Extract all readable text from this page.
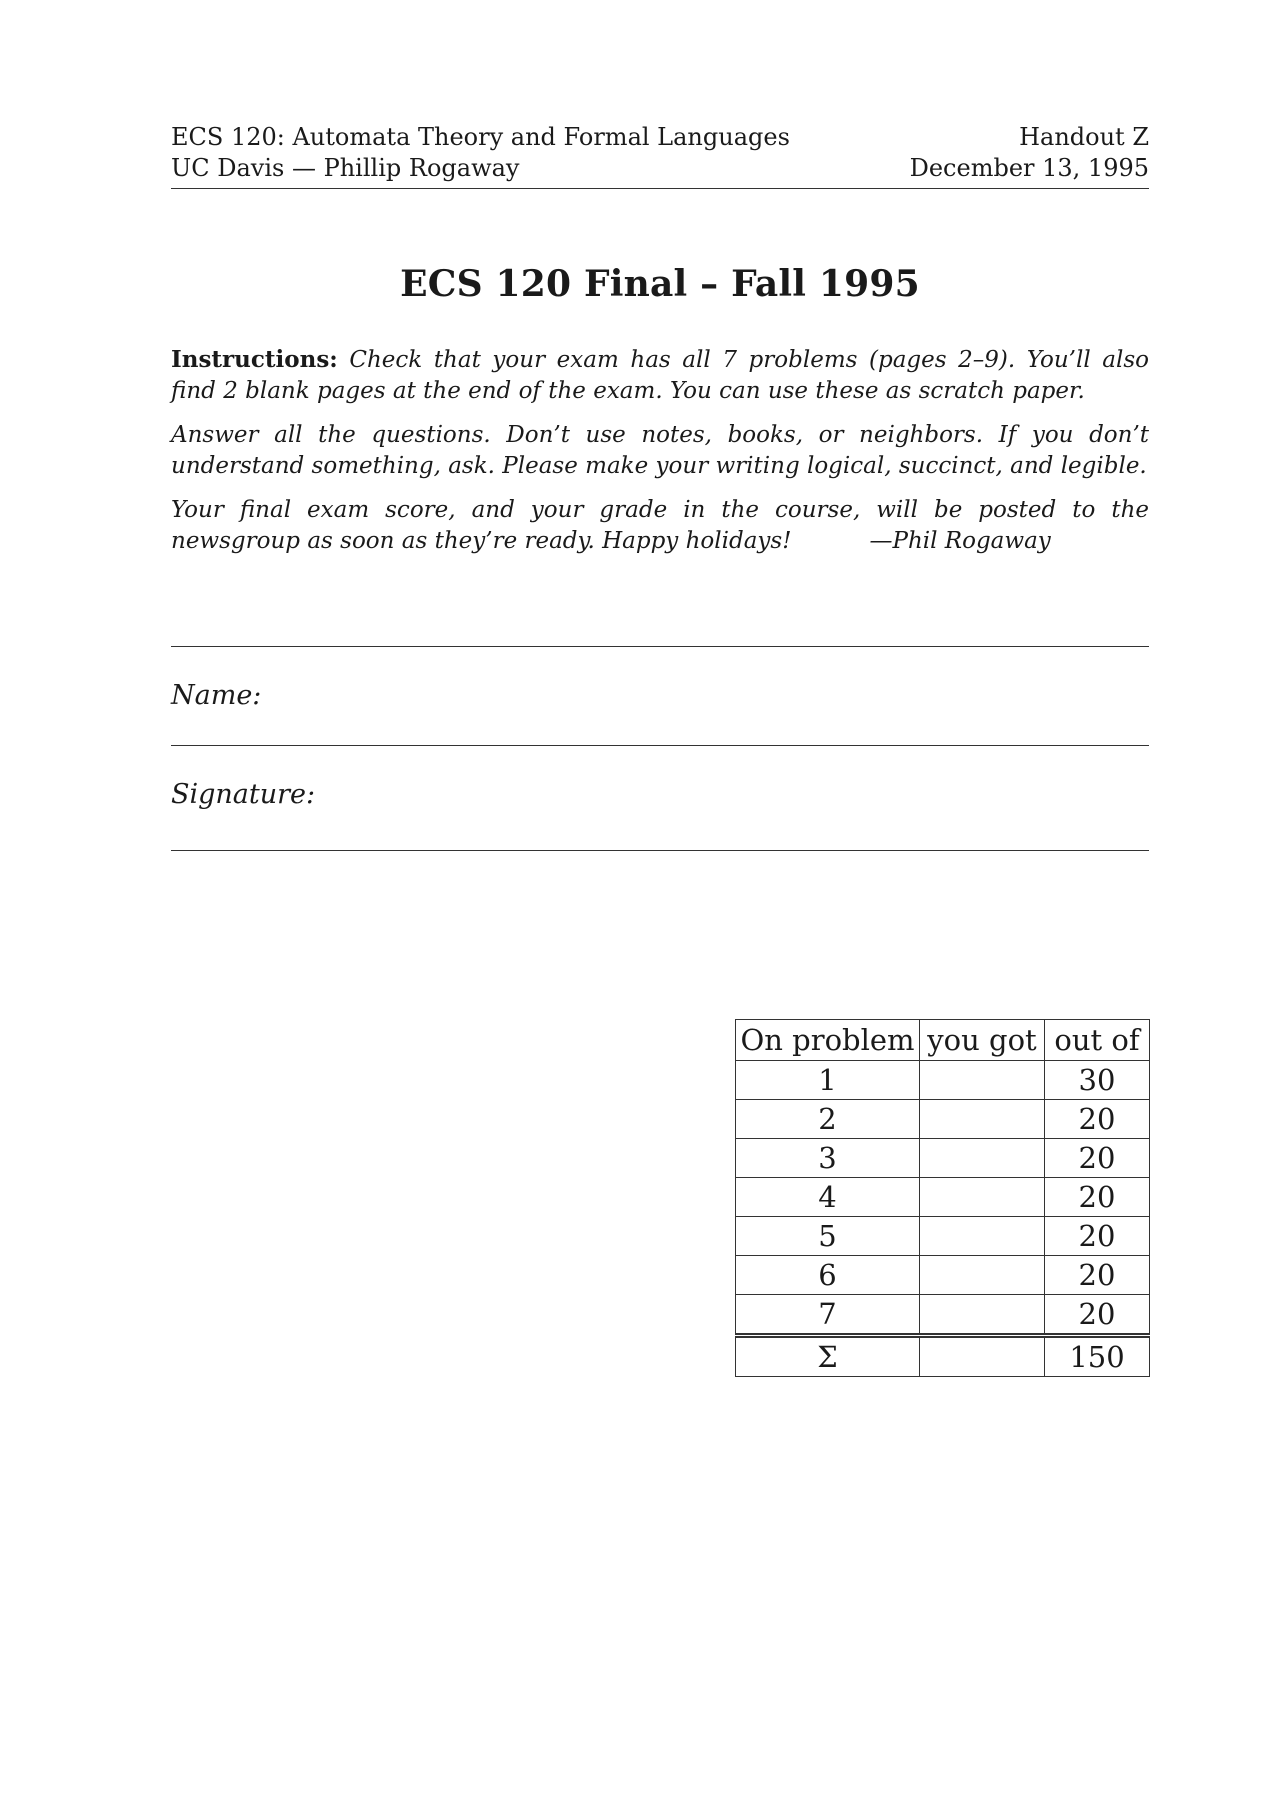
ECS 120: Automata Theory and Formal Languages
UC Davis — Phillip Rogaway
Handout Z
December 13, 1995
ECS 120 Final – Fall 1995

Instructions: Check that your exam has all 7 problems (pages 2–9). You’ll also find 2 blank pages at the end of the exam. You can use these as scratch paper.

Answer all the questions. Don’t use notes, books, or neighbors. If you don’t understand something, ask. Please make your writing logical, succinct, and legible.

Your final exam score, and your grade in the course, will be posted to the newsgroup as soon as they’re ready. Happy holidays!	—Phil Rogaway

Name:
Signature:
On problem	you got	out of
1		30
2		20
3		20
4		20
5		20
6		20
7		20
Σ		150
